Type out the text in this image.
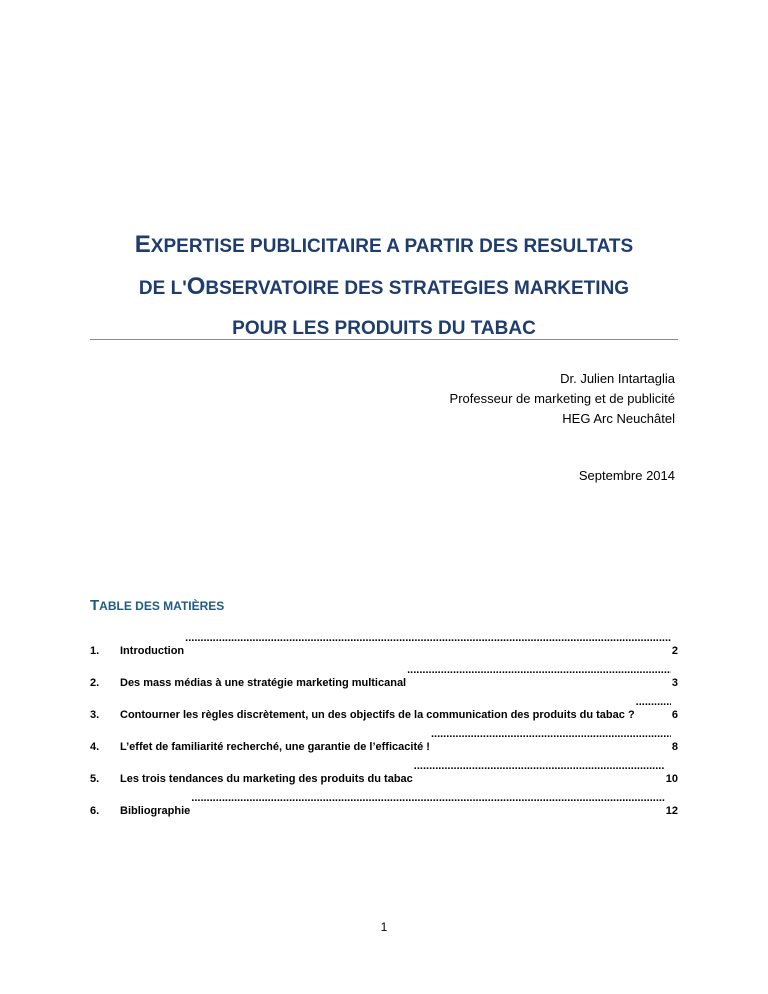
EXPERTISE PUBLICITAIRE A PARTIR DES RESULTATS
DE L'OBSERVATOIRE DES STRATEGIES MARKETING
POUR LES PRODUITS DU TABAC
Dr. Julien Intartaglia
Professeur de marketing et de publicité
HEG Arc Neuchâtel
Septembre 2014
TABLE DES MATIÈRES
1.	Introduction .....	2
2.	Des mass médias à une stratégie marketing multicanal .....	3
3.	Contourner les règles discrètement, un des objectifs de la communication des produits du tabac ? .....	6
4.	L’effet de familiarité recherché, une garantie de l’efficacité ! .....	8
5.	Les trois tendances du marketing des produits du tabac .....	10
6.	Bibliographie .....	12
1
